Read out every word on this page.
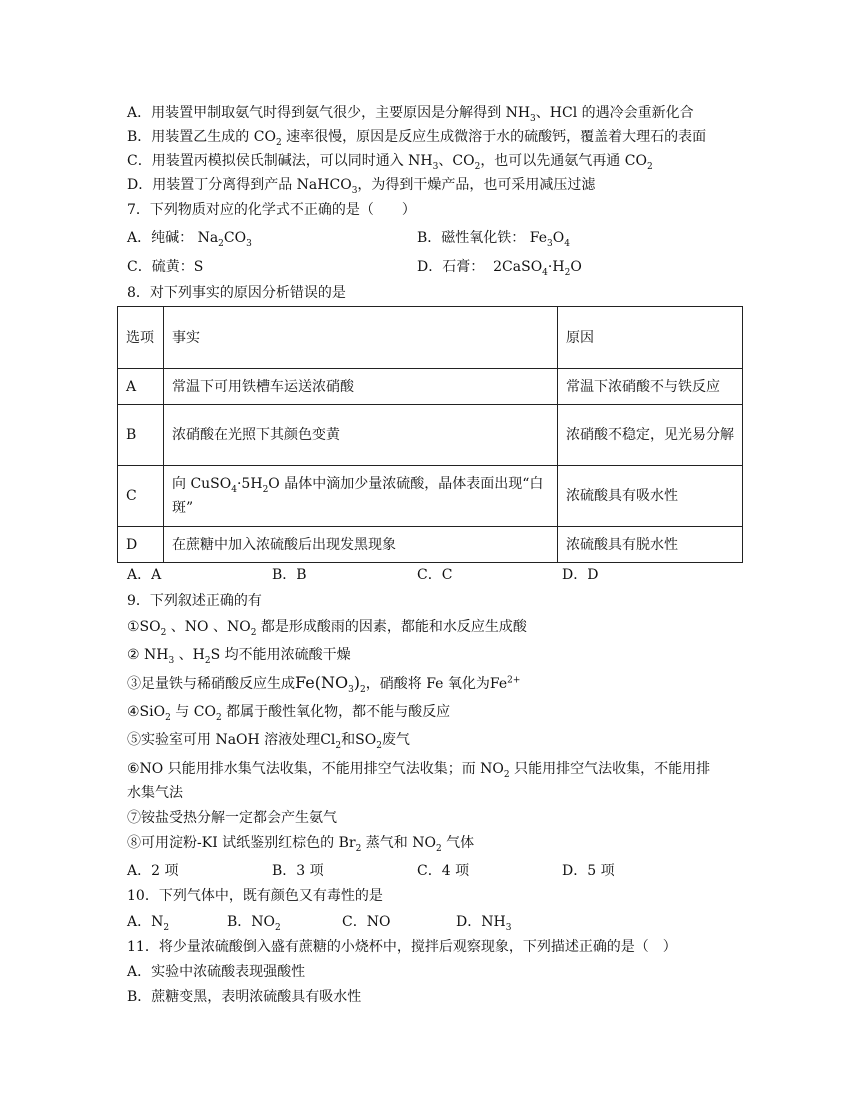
A．用装置甲制取氨气时得到氨气很少，主要原因是分解得到 $NH_3$、HCl 的遇冷会重新化合
B．用装置乙生成的 $CO_2$ 速率很慢，原因是反应生成微溶于水的硫酸钙，覆盖着大理石的表面
C．用装置丙模拟侯氏制碱法，可以同时通入 $NH_3$、$CO_2$，也可以先通氨气再通 $CO_2$
D．用装置丁分离得到产品 NaHCO$_3$，为得到干燥产品，也可采用减压过滤
7．下列物质对应的化学式不正确的是（　　）
A．纯碱： $Na_2CO_3$	B．磁性氧化铁： $Fe_3O_4$
C．硫黄：S	D．石膏：  $2CaSO_4\cdot H_2O$
8．对下列事实的原因分析错误的是
选项	事实	原因
A	常温下可用铁槽车运送浓硝酸	常温下浓硝酸不与铁反应
B	浓硝酸在光照下其颜色变黄	浓硝酸不稳定，见光易分解
C	向 $CuSO_4\cdot 5H_2O$ 晶体中滴加少量浓硫酸，晶体表面出现“白斑”	浓硫酸具有吸水性
D	在蔗糖中加入浓硫酸后出现发黑现象	浓硫酸具有脱水性
A．A	B．B	C．C	D．D
9．下列叙述正确的有
$①SO_2$ 、NO 、$NO_2$ 都是形成酸雨的因素，都能和水反应生成酸
② $NH_3$ 、$H_2S$ 均不能用浓硫酸干燥
③足量铁与稀硝酸反应生成$Fe(NO_3)_2$，硝酸将 Fe 氧化为$Fe^{2+}$
④SiO$_2$ 与 $CO_2$ 都属于酸性氧化物，都不能与酸反应
⑤实验室可用 NaOH 溶液处理$Cl_2$和$SO_2$废气
⑥NO 只能用排水集气法收集，不能用排空气法收集；而 $NO_2$ 只能用排空气法收集，不能用排
水集气法
⑦铵盐受热分解一定都会产生氨气
⑧可用淀粉-KI 试纸鉴别红棕色的 $Br_2$ 蒸气和 $NO_2$ 气体
A．2 项	B．3 项	C．4 项	D．5 项
10．下列气体中，既有颜色又有毒性的是
A．$N_2$	B．$NO_2$	C．NO	D．$NH_3$
11．将少量浓硫酸倒入盛有蔗糖的小烧杯中，搅拌后观察现象，下列描述正确的是（　）
A．实验中浓硫酸表现强酸性
B．蔗糖变黑，表明浓硫酸具有吸水性
